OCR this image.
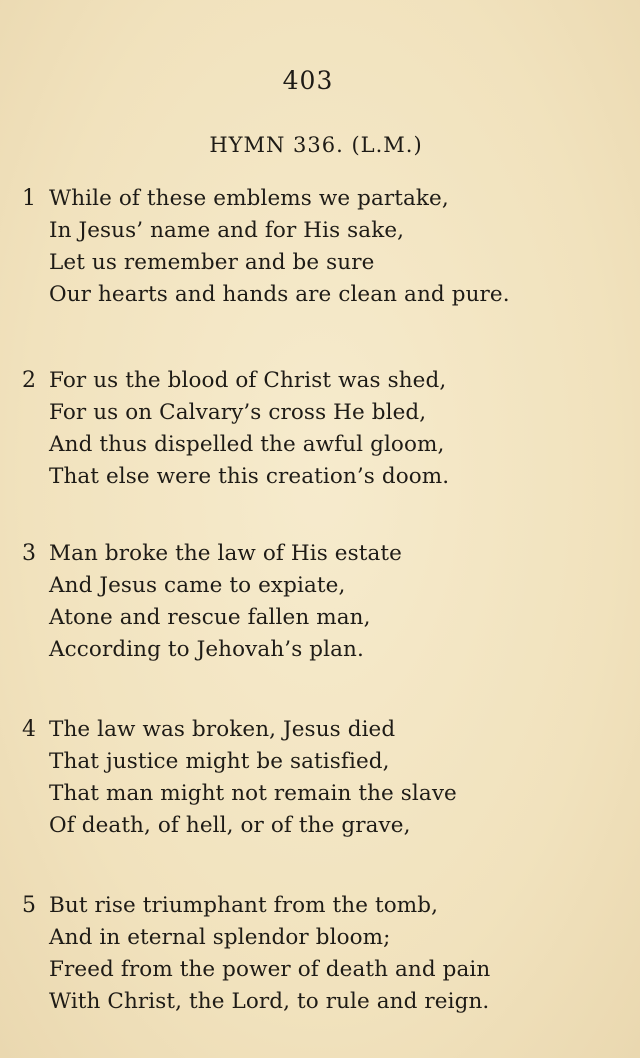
403
HYMN 336. (L.M.)
1 While of these emblems we partake,
In Jesus’ name and for His sake,
Let us remember and be sure
Our hearts and hands are clean and pure.
2 For us the blood of Christ was shed,
For us on Calvary’s cross He bled,
And thus dispelled the awful gloom,
That else were this creation’s doom.
3 Man broke the law of His estate
And Jesus came to expiate,
Atone and rescue fallen man,
According to Jehovah’s plan.
4 The law was broken, Jesus died
That justice might be satisfied,
That man might not remain the slave
Of death, of hell, or of the grave,
5 But rise triumphant from the tomb,
And in eternal splendor bloom;
Freed from the power of death and pain
With Christ, the Lord, to rule and reign.
